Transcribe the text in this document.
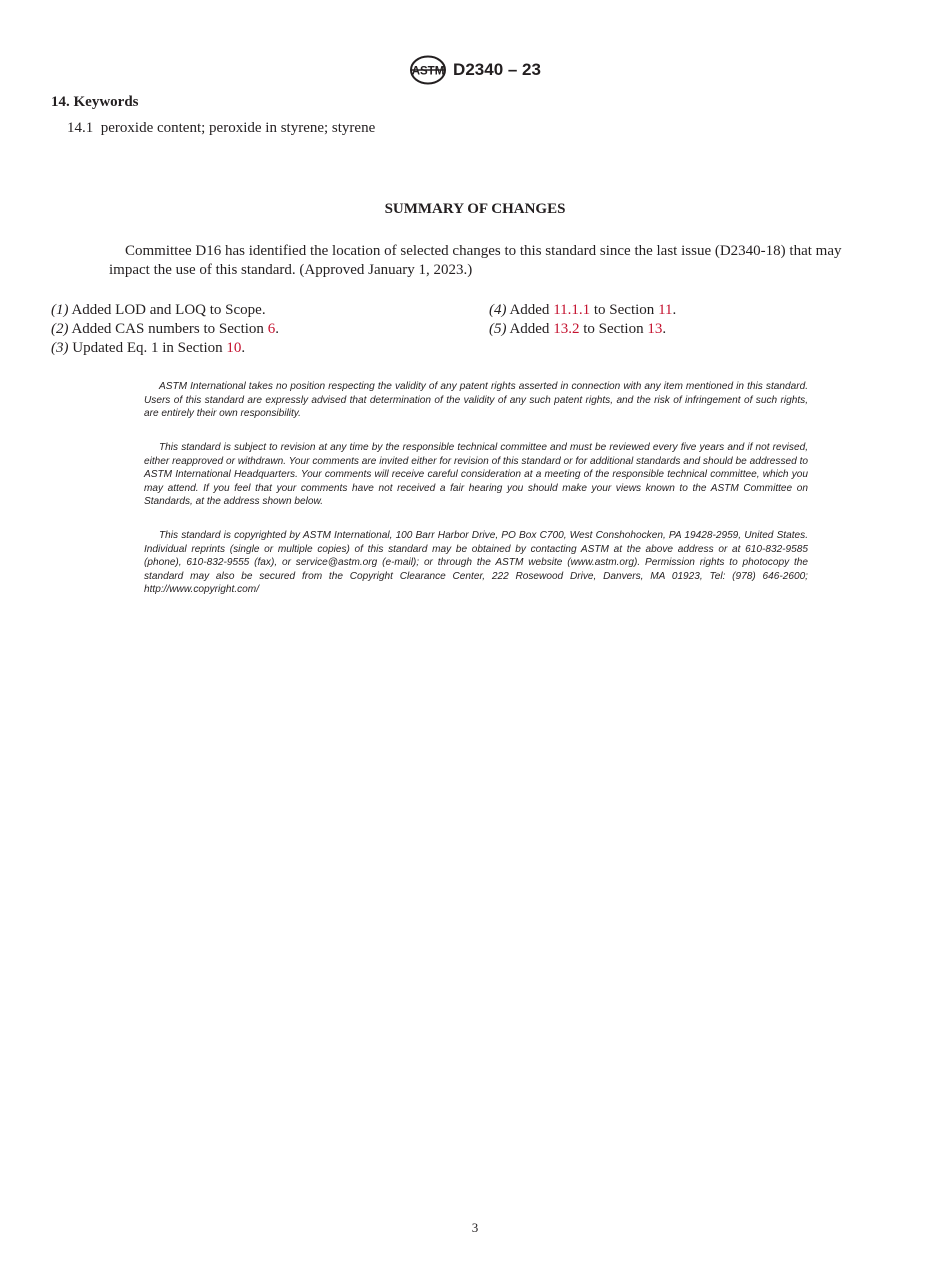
ASTM D2340 – 23
14. Keywords
14.1 peroxide content; peroxide in styrene; styrene
SUMMARY OF CHANGES
Committee D16 has identified the location of selected changes to this standard since the last issue (D2340-18) that may impact the use of this standard. (Approved January 1, 2023.)
(1) Added LOD and LOQ to Scope.
(2) Added CAS numbers to Section 6.
(3) Updated Eq. 1 in Section 10.
(4) Added 11.1.1 to Section 11.
(5) Added 13.2 to Section 13.
ASTM International takes no position respecting the validity of any patent rights asserted in connection with any item mentioned in this standard. Users of this standard are expressly advised that determination of the validity of any such patent rights, and the risk of infringement of such rights, are entirely their own responsibility.
This standard is subject to revision at any time by the responsible technical committee and must be reviewed every five years and if not revised, either reapproved or withdrawn. Your comments are invited either for revision of this standard or for additional standards and should be addressed to ASTM International Headquarters. Your comments will receive careful consideration at a meeting of the responsible technical committee, which you may attend. If you feel that your comments have not received a fair hearing you should make your views known to the ASTM Committee on Standards, at the address shown below.
This standard is copyrighted by ASTM International, 100 Barr Harbor Drive, PO Box C700, West Conshohocken, PA 19428-2959, United States. Individual reprints (single or multiple copies) of this standard may be obtained by contacting ASTM at the above address or at 610-832-9585 (phone), 610-832-9555 (fax), or service@astm.org (e-mail); or through the ASTM website (www.astm.org). Permission rights to photocopy the standard may also be secured from the Copyright Clearance Center, 222 Rosewood Drive, Danvers, MA 01923, Tel: (978) 646-2600; http://www.copyright.com/
3
